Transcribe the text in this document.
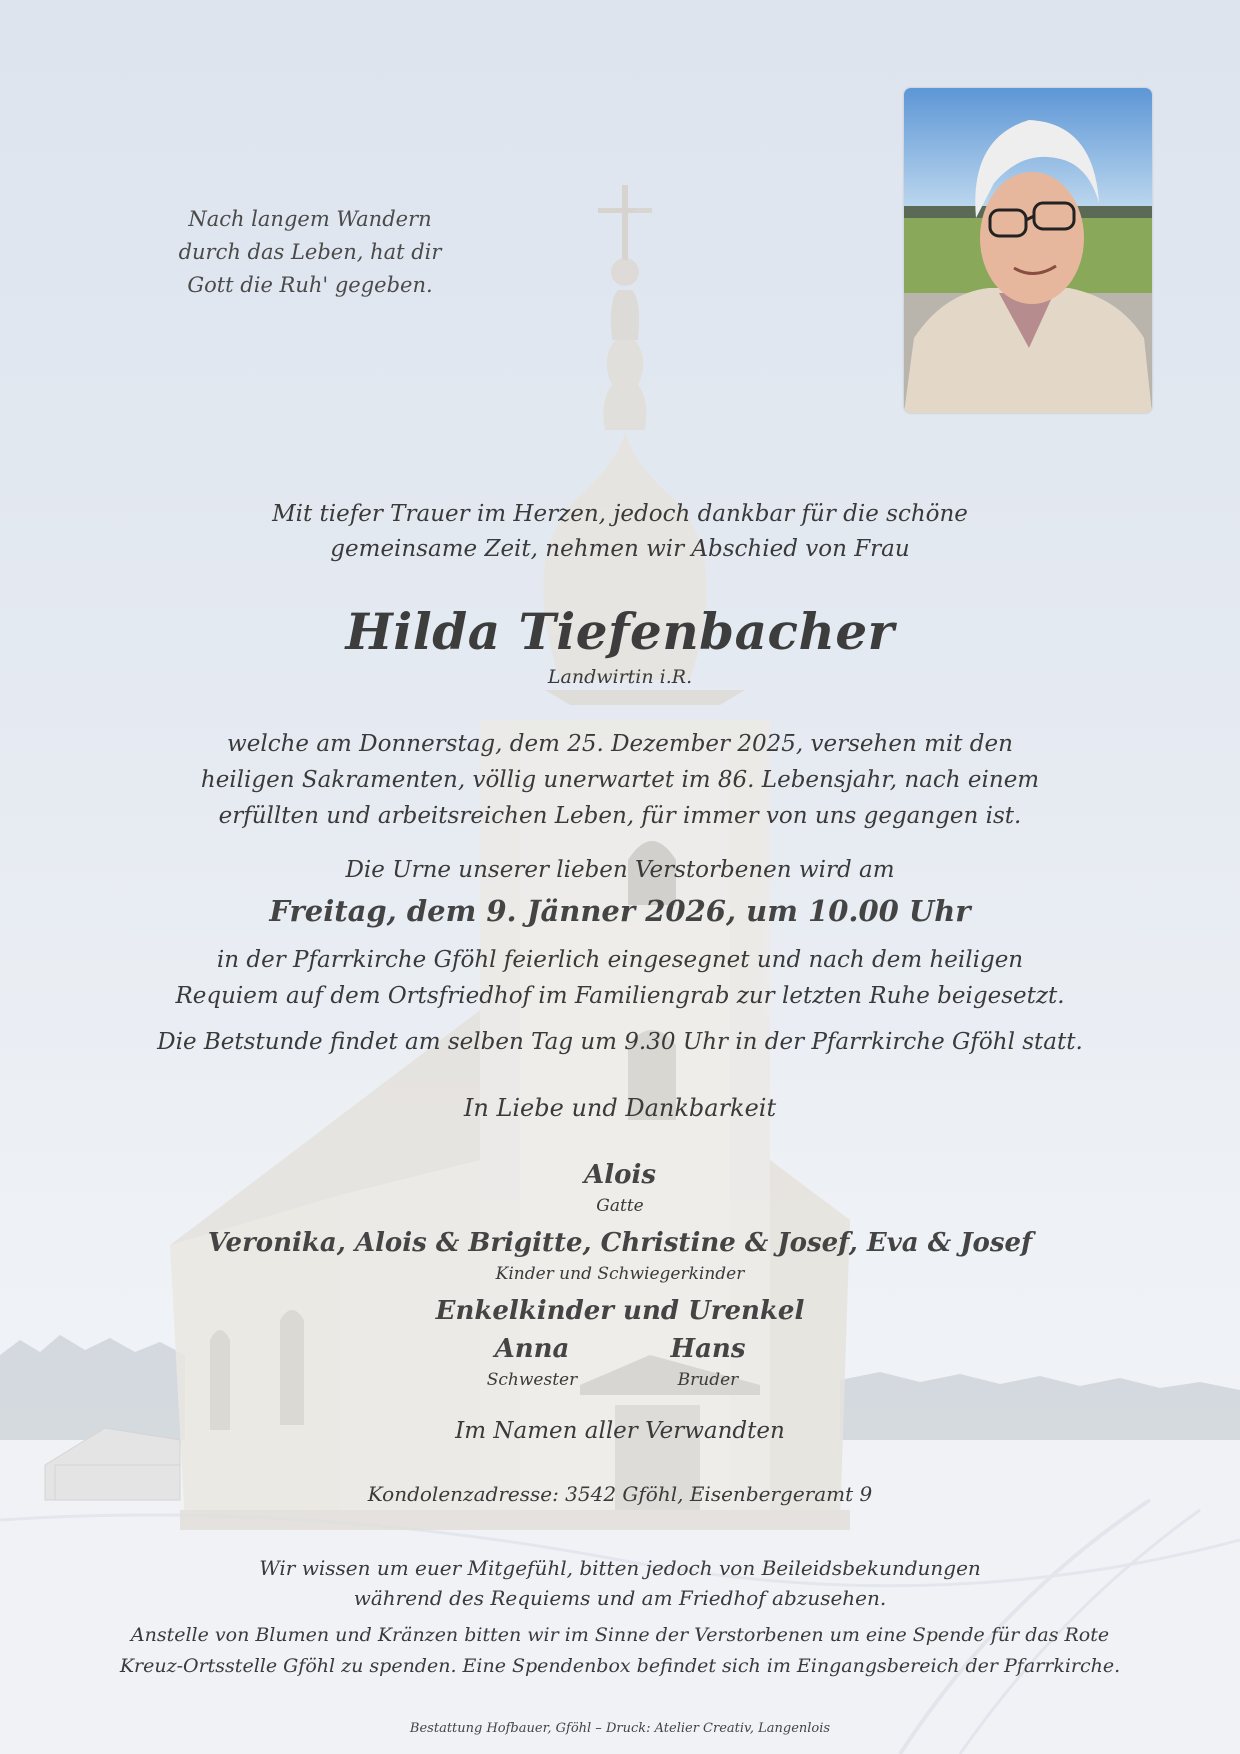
Nach langem Wandern
durch das Leben, hat dir
Gott die Ruh' gegeben.
Mit tiefer Trauer im Herzen, jedoch dankbar für die schöne
gemeinsame Zeit, nehmen wir Abschied von Frau
Hilda Tiefenbacher
Landwirtin i.R.
welche am Donnerstag, dem 25. Dezember 2025, versehen mit den
heiligen Sakramenten, völlig unerwartet im 86. Lebensjahr, nach einem
erfüllten und arbeitsreichen Leben, für immer von uns gegangen ist.
Die Urne unserer lieben Verstorbenen wird am
Freitag, dem 9. Jänner 2026, um 10.00 Uhr
in der Pfarrkirche Gföhl feierlich eingesegnet und nach dem heiligen
Requiem auf dem Ortsfriedhof im Familiengrab zur letzten Ruhe beigesetzt.
Die Betstunde findet am selben Tag um 9.30 Uhr in der Pfarrkirche Gföhl statt.
In Liebe und Dankbarkeit
Alois
Gatte
Veronika, Alois & Brigitte, Christine & Josef, Eva & Josef
Kinder und Schwiegerkinder
Enkelkinder und Urenkel
Anna
Schwester
Hans
Bruder
Im Namen aller Verwandten
Kondolenzadresse: 3542 Gföhl, Eisenbergeramt 9
Wir wissen um euer Mitgefühl, bitten jedoch von Beileidsbekundungen
während des Requiems und am Friedhof abzusehen.
Anstelle von Blumen und Kränzen bitten wir im Sinne der Verstorbenen um eine Spende für das Rote
Kreuz-Ortsstelle Gföhl zu spenden. Eine Spendenbox befindet sich im Eingangsbereich der Pfarrkirche.
Bestattung Hofbauer, Gföhl – Druck: Atelier Creativ, Langenlois
